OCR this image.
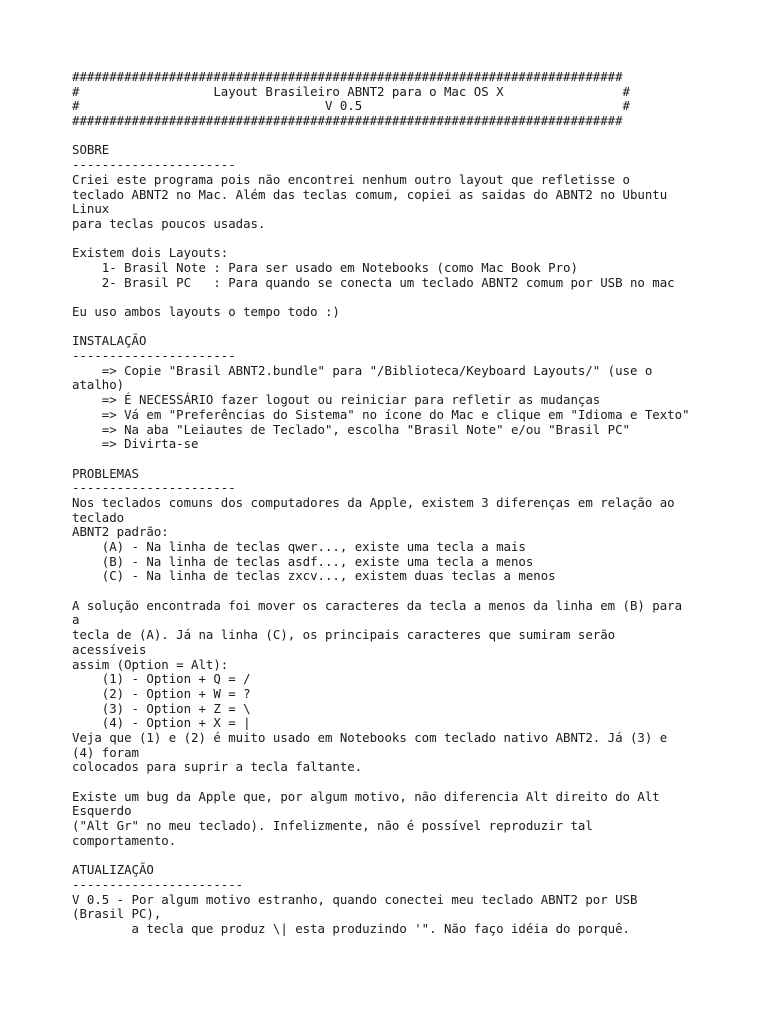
##########################################################################
#                  Layout Brasileiro ABNT2 para o Mac OS X                #
#                                 V 0.5                                   #
##########################################################################
SOBRE
----------------------
Criei este programa pois não encontrei nenhum outro layout que refletisse o
teclado ABNT2 no Mac. Além das teclas comum, copiei as saidas do ABNT2 no Ubuntu
Linux
para teclas poucos usadas.
Existem dois Layouts:
1- Brasil Note : Para ser usado em Notebooks (como Mac Book Pro)
2- Brasil PC   : Para quando se conecta um teclado ABNT2 comum por USB no mac
Eu uso ambos layouts o tempo todo :)
INSTALAÇÃO
----------------------
=> Copie "Brasil ABNT2.bundle" para "/Biblioteca/Keyboard Layouts/" (use o
atalho)
=> É NECESSÁRIO fazer logout ou reiniciar para refletir as mudanças
=> Vá em "Preferências do Sistema" no ícone do Mac e clique em "Idioma e Texto"
=> Na aba "Leiautes de Teclado", escolha "Brasil Note" e/ou "Brasil PC"
=> Divirta-se
PROBLEMAS
----------------------
Nos teclados comuns dos computadores da Apple, existem 3 diferenças em relação ao
teclado
ABNT2 padrão:
(A) - Na linha de teclas qwer..., existe uma tecla a mais
(B) - Na linha de teclas asdf..., existe uma tecla a menos
(C) - Na linha de teclas zxcv..., existem duas teclas a menos
A solução encontrada foi mover os caracteres da tecla a menos da linha em (B) para
a
tecla de (A). Já na linha (C), os principais caracteres que sumiram serão
acessíveis
assim (Option = Alt):
(1) - Option + Q = /
(2) - Option + W = ?
(3) - Option + Z = \
(4) - Option + X = |
Veja que (1) e (2) é muito usado em Notebooks com teclado nativo ABNT2. Já (3) e
(4) foram
colocados para suprir a tecla faltante.
Existe um bug da Apple que, por algum motivo, não diferencia Alt direito do Alt
Esquerdo
("Alt Gr" no meu teclado). Infelizmente, não é possível reproduzir tal
comportamento.
ATUALIZAÇÃO
-----------------------
V 0.5 - Por algum motivo estranho, quando conectei meu teclado ABNT2 por USB
(Brasil PC),
a tecla que produz \| esta produzindo '". Não faço idéia do porquê.
